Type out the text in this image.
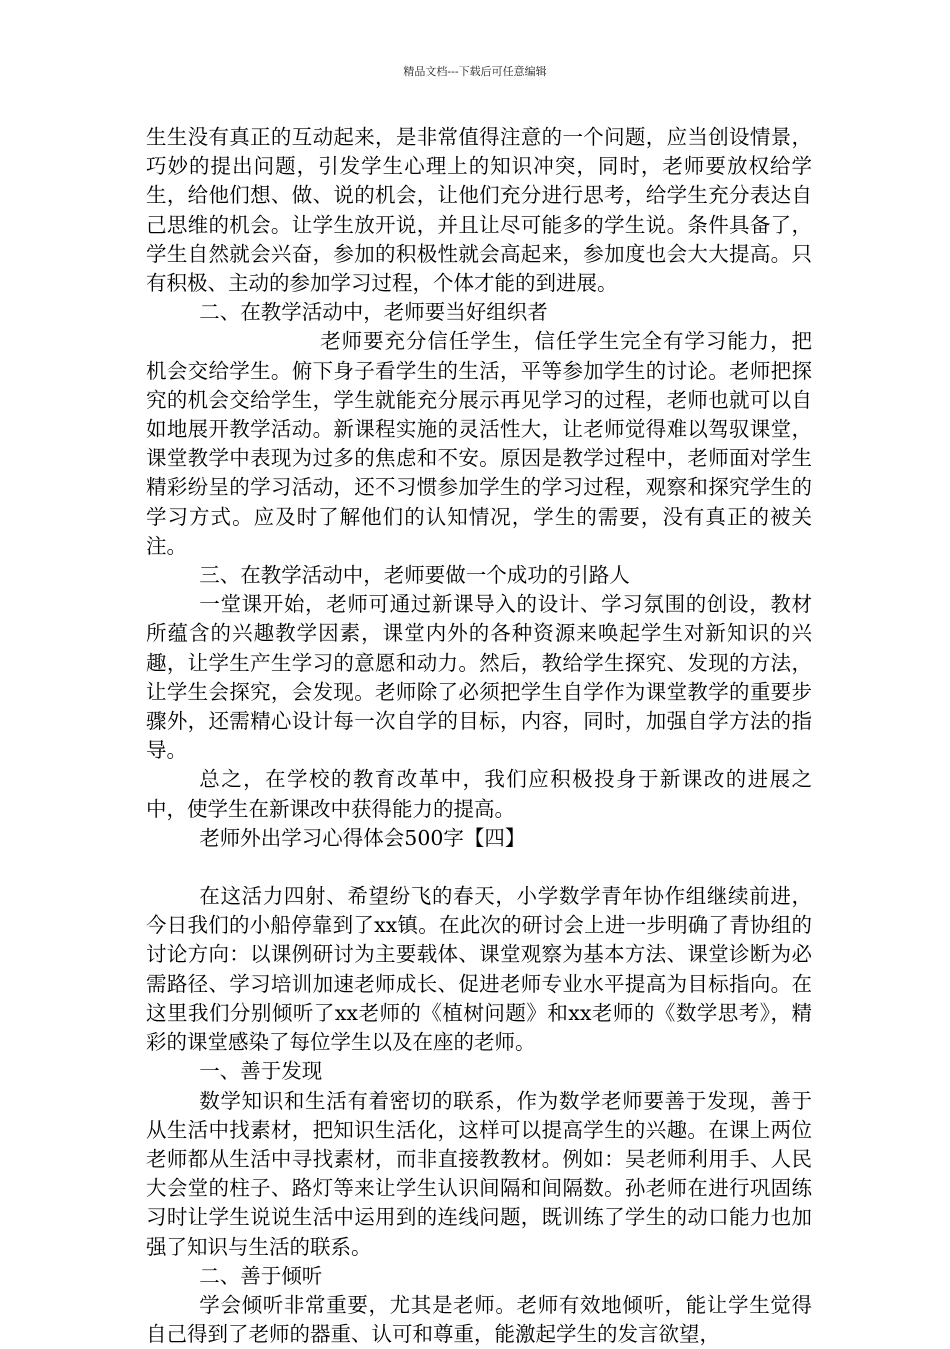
精品文档---下载后可任意编辑

生生没有真正的互动起来，是非常值得注意的一个问题，应当创设情景，巧妙的提出问题，引发学生心理上的知识冲突，同时，老师要放权给学生，给他们想、做、说的机会，让他们充分进行思考，给学生充分表达自己思维的机会。让学生放开说，并且让尽可能多的学生说。条件具备了，学生自然就会兴奋，参加的积极性就会高起来，参加度也会大大提高。只有积极、主动的参加学习过程，个体才能的到进展。

二、在教学活动中，老师要当好组织者

老师要充分信任学生，信任学生完全有学习能力，把机会交给学生。俯下身子看学生的生活，平等参加学生的讨论。老师把探究的机会交给学生，学生就能充分展示再见学习的过程，老师也就可以自如地展开教学活动。新课程实施的灵活性大，让老师觉得难以驾驭课堂，课堂教学中表现为过多的焦虑和不安。原因是教学过程中，老师面对学生精彩纷呈的学习活动，还不习惯参加学生的学习过程，观察和探究学生的学习方式。应及时了解他们的认知情况，学生的需要，没有真正的被关注。

三、在教学活动中，老师要做一个成功的引路人

一堂课开始，老师可通过新课导入的设计、学习氛围的创设，教材所蕴含的兴趣教学因素，课堂内外的各种资源来唤起学生对新知识的兴趣，让学生产生学习的意愿和动力。然后，教给学生探究、发现的方法，让学生会探究，会发现。老师除了必须把学生自学作为课堂教学的重要步骤外，还需精心设计每一次自学的目标，内容，同时，加强自学方法的指导。

总之，在学校的教育改革中，我们应积极投身于新课改的进展之中，使学生在新课改中获得能力的提高。

老师外出学习心得体会500字【四】

在这活力四射、希望纷飞的春天，小学数学青年协作组继续前进，今日我们的小船停靠到了xx镇。在此次的研讨会上进一步明确了青协组的讨论方向：以课例研讨为主要载体、课堂观察为基本方法、课堂诊断为必需路径、学习培训加速老师成长、促进老师专业水平提高为目标指向。在这里我们分别倾听了xx老师的《植树问题》和xx老师的《数学思考》，精彩的课堂感染了每位学生以及在座的老师。

一、善于发现

数学知识和生活有着密切的联系，作为数学老师要善于发现，善于从生活中找素材，把知识生活化，这样可以提高学生的兴趣。在课上两位老师都从生活中寻找素材，而非直接教教材。例如：吴老师利用手、人民大会堂的柱子、路灯等来让学生认识间隔和间隔数。孙老师在进行巩固练习时让学生说说生活中运用到的连线问题，既训练了学生的动口能力也加强了知识与生活的联系。

二、善于倾听

学会倾听非常重要，尤其是老师。老师有效地倾听，能让学生觉得自己得到了老师的器重、认可和尊重，能激起学生的发言欲望，
